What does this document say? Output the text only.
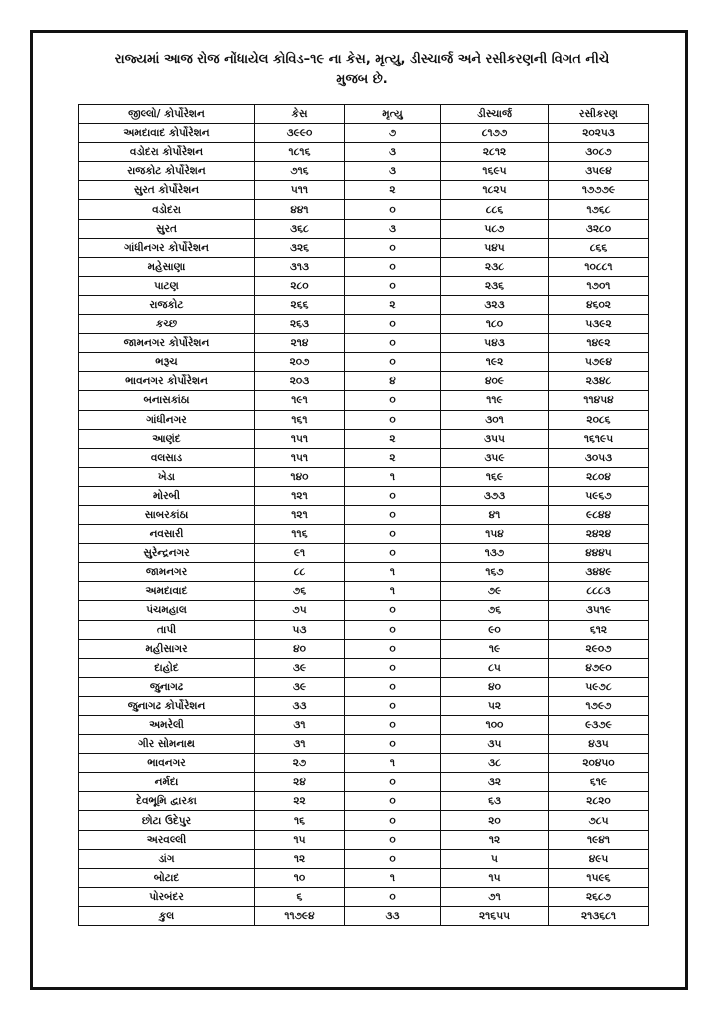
રાજ્યમાં આજ રોજ નોંધાયેલ કોવિડ–૧૯ ના કેસ, મૃત્યુ, ડીસ્ચાર્જ અને રસીકરણની વિગત નીચે
મુજબ છે.
જીલ્લો/ કોર્પોરેશન	કેસ	મૃત્યુ	ડીસ્ચાર્જ	રસીકરણ
અમદાવાદ કોર્પોરેશન	૩૯૯૦	૭	૮૧૭૭	૨૦૨૫૩
વડોદરા કોર્પોરેશન	૧૮૧૬	૩	૨૮૧૨	૩૦૮૭
રાજકોટ કોર્પોરેશન	૭૧૬	૩	૧૬૯૫	૩૫૯૪
સુરત કોર્પોરેશન	૫૧૧	૨	૧૮૨૫	૧૭૭૭૯
વડોદરા	૪૪૧	૦	૮૮૬	૧૭૬૮
સુરત	૩૬૮	૩	૫૮૭	૩૨૮૦
ગાંધીનગર કોર્પોરેશન	૩૨૬	૦	૫૪૫	૮૬૬
મહેસાણા	૩૧૩	૦	૨૩૮	૧૦૮૮૧
પાટણ	૨૮૦	૦	૨૩૬	૧૭૦૧
રાજકોટ	૨૬૬	૨	૩૨૩	૪૬૦૨
કચ્છ	૨૬૩	૦	૧૮૦	૫૩૯૨
જામનગર કોર્પોરેશન	૨૧૪	૦	૫૪૩	૧૪૯૨
ભરૂચ	૨૦૭	૦	૧૯૨	૫૭૯૪
ભાવનગર કોર્પોરેશન	૨૦૩	૪	૪૦૯	૨૩૪૮
બનાસકાંઠા	૧૯૧	૦	૧૧૯	૧૧૪૫૪
ગાંધીનગર	૧૬૧	૦	૩૦૧	૨૦૮૬
આણંદ	૧૫૧	૨	૩૫૫	૧૬૧૯૫
વલસાડ	૧૫૧	૨	૩૫૯	૩૦૫૩
ખેડા	૧૪૦	૧	૧૬૯	૨૮૦૪
મોરબી	૧૨૧	૦	૩૭૩	૫૯૬૭
સાબરકાંઠા	૧૨૧	૦	૪૧	૯૮૪૪
નવસારી	૧૧૬	૦	૧૫૪	૨૪૨૪
સુરેન્દ્રનગર	૯૧	૦	૧૩૭	૪૪૪૫
જામનગર	૮૮	૧	૧૬૭	૩૪૪૯
અમદાવાદ	૭૬	૧	૭૯	૮૮૮૩
પંચમહાલ	૭૫	૦	૭૬	૩૫૧૯
તાપી	૫૩	૦	૯૦	૬૧૨
મહીસાગર	૪૦	૦	૧૯	૨૯૦૭
દાહોદ	૩૯	૦	૮૫	૪૭૯૦
જુનાગઢ	૩૯	૦	૪૦	૫૯૭૮
જુનાગઢ કોર્પોરેશન	૩૩	૦	૫૨	૧૭૯૭
અમરેલી	૩૧	૦	૧૦૦	૯૩૭૯
ગીર સોમનાથ	૩૧	૦	૩૫	૪૩૫
ભાવનગર	૨૭	૧	૩૮	૨૦૪૫૦
નર્મદા	૨૪	૦	૩૨	૬૧૯
દેવભૂમિ દ્વારકા	૨૨	૦	૬૩	૨૮૨૦
છોટા ઉદેપુર	૧૬	૦	૨૦	૭૮૫
અરવલ્લી	૧૫	૦	૧૨	૧૯૪૧
ડાંગ	૧૨	૦	૫	૪૯૫
બોટાદ	૧૦	૧	૧૫	૧૫૯૬
પોરબંદર	૬	૦	૭૧	૨૬૮૭
કુલ	૧૧૭૯૪	૩૩	૨૧૬૫૫	૨૧૩૬૮૧
